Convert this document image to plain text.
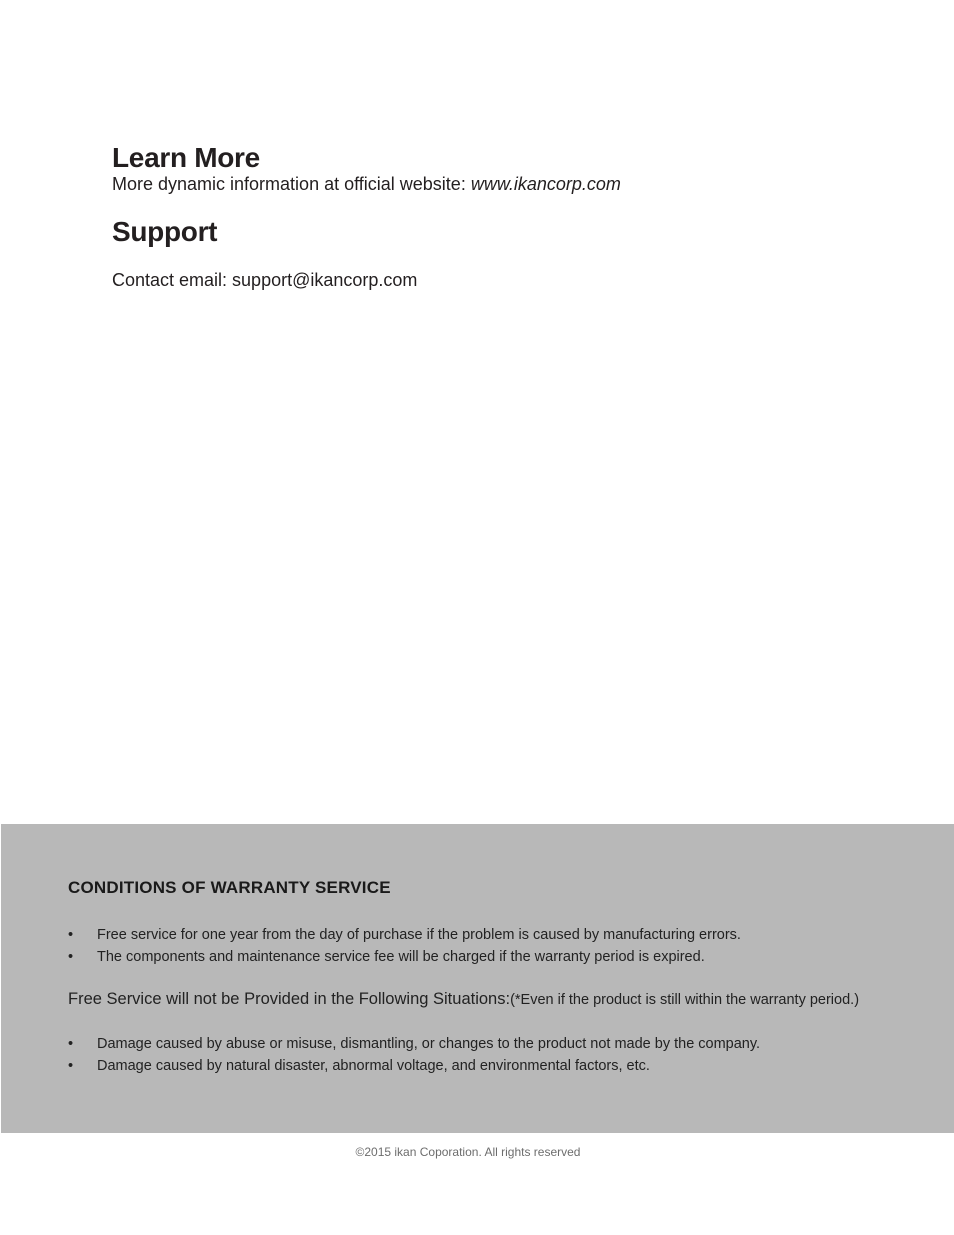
Learn More

More dynamic information at official website: www.ikancorp.com

Support

Contact email: support@ikancorp.com

CONDITIONS OF WARRANTY SERVICE
• Free service for one year from the day of purchase if the problem is caused by manufacturing errors.
• The components and maintenance service fee will be charged if the warranty period is expired.

Free Service will not be Provided in the Following Situations:(*Even if the product is still within the warranty period.)

• Damage caused by abuse or misuse, dismantling, or changes to the product not made by the company.
• Damage caused by natural disaster, abnormal voltage, and environmental factors, etc.

©2015 ikan Coporation. All rights reserved
